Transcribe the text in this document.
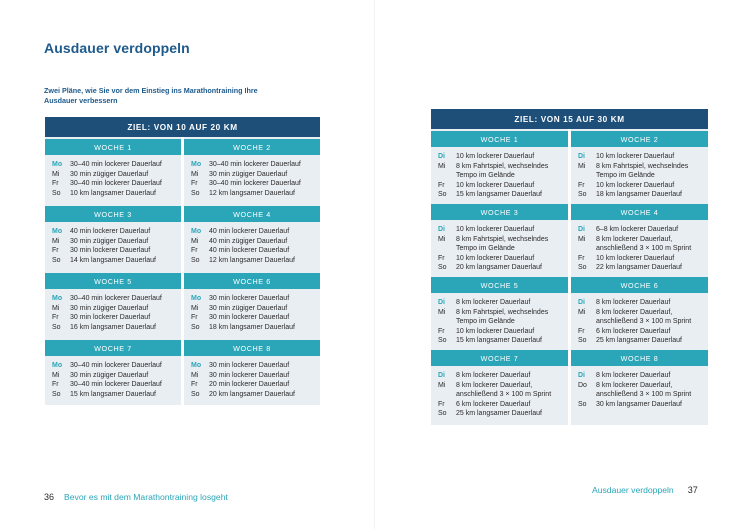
Ausdauer verdoppeln

Zwei Pläne, wie Sie vor dem Einstieg ins Marathontraining Ihre Ausdauer verbessern

ZIEL: VON 10 AUF 20 KM
WOCHE 1
Mo	30–40 min lockerer Dauerlauf
Mi	30 min zügiger Dauerlauf
Fr	30–40 min lockerer Dauerlauf
So	10 km langsamer Dauerlauf
WOCHE 2
Mo	30–40 min lockerer Dauerlauf
Mi	30 min zügiger Dauerlauf
Fr	30–40 min lockerer Dauerlauf
So	12 km langsamer Dauerlauf
WOCHE 3
Mo	40 min lockerer Dauerlauf
Mi	30 min zügiger Dauerlauf
Fr	30 min lockerer Dauerlauf
So	14 km langsamer Dauerlauf
WOCHE 4
Mo	40 min lockerer Dauerlauf
Mi	40 min zügiger Dauerlauf
Fr	40 min lockerer Dauerlauf
So	12 km langsamer Dauerlauf
WOCHE 5
Mo	30–40 min lockerer Dauerlauf
Mi	30 min zügiger Dauerlauf
Fr	30 min lockerer Dauerlauf
So	16 km langsamer Dauerlauf
WOCHE 6
Mo	30 min lockerer Dauerlauf
Mi	30 min zügiger Dauerlauf
Fr	30 min lockerer Dauerlauf
So	18 km langsamer Dauerlauf
WOCHE 7
Mo	30–40 min lockerer Dauerlauf
Mi	30 min zügiger Dauerlauf
Fr	30–40 min lockerer Dauerlauf
So	15 km langsamer Dauerlauf
WOCHE 8
Mo	30 min lockerer Dauerlauf
Mi	30 min lockerer Dauerlauf
Fr	20 min lockerer Dauerlauf
So	20 km langsamer Dauerlauf
ZIEL: VON 15 AUF 30 KM
WOCHE 1
Di	10 km lockerer Dauerlauf
Mi	8 km Fahrtspiel, wechselndes Tempo im Gelände
Fr	10 km lockerer Dauerlauf
So	15 km langsamer Dauerlauf
WOCHE 2
Di	10 km lockerer Dauerlauf
Mi	8 km Fahrtspiel, wechselndes Tempo im Gelände
Fr	10 km lockerer Dauerlauf
So	18 km langsamer Dauerlauf
WOCHE 3
Di	10 km lockerer Dauerlauf
Mi	8 km Fahrtspiel, wechselndes Tempo im Gelände
Fr	10 km lockerer Dauerlauf
So	20 km langsamer Dauerlauf
WOCHE 4
Di	6–8 km lockerer Dauerlauf
Mi	8 km lockerer Dauerlauf, anschließend 3 × 100 m Sprint
Fr	10 km lockerer Dauerlauf
So	22 km langsamer Dauerlauf
WOCHE 5
Di	8 km lockerer Dauerlauf
Mi	8 km Fahrtspiel, wechselndes Tempo im Gelände
Fr	10 km lockerer Dauerlauf
So	15 km langsamer Dauerlauf
WOCHE 6
Di	8 km lockerer Dauerlauf
Mi	8 km lockerer Dauerlauf, anschließend 3 × 100 m Sprint
Fr	6 km lockerer Dauerlauf
So	25 km langsamer Dauerlauf
WOCHE 7
Di	8 km lockerer Dauerlauf
Mi	8 km lockerer Dauerlauf, anschließend 3 × 100 m Sprint
Fr	6 km lockerer Dauerlauf
So	25 km langsamer Dauerlauf
WOCHE 8
Di	8 km lockerer Dauerlauf
Do	8 km lockerer Dauerlauf, anschließend 3 × 100 m Sprint
So	30 km langsamer Dauerlauf
36 Bevor es mit dem Marathontraining losgeht
Ausdauer verdoppeln 37
